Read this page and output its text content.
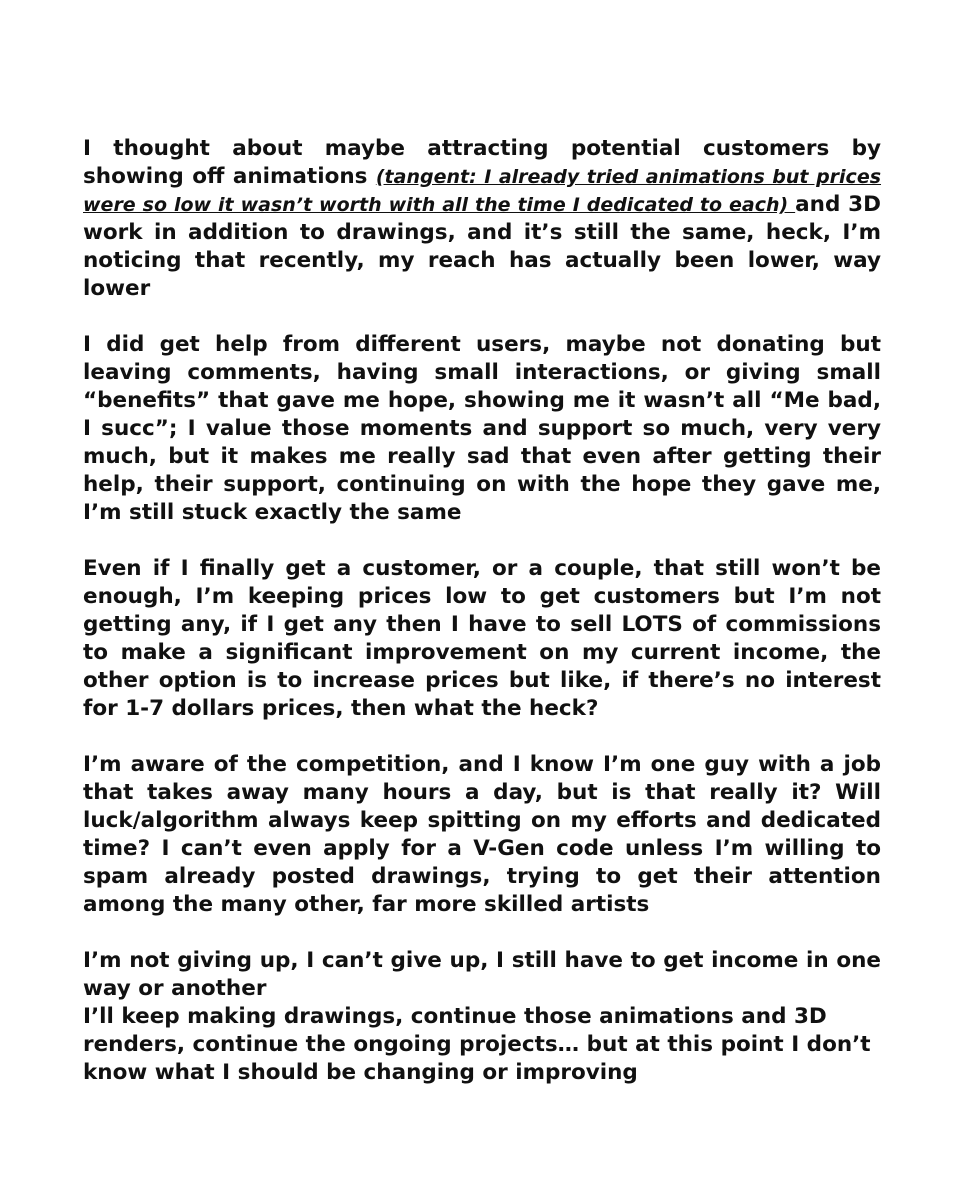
I thought about maybe attracting potential customers by showing off animations (tangent: I already tried animations but prices were so low it wasn’t worth with all the time I dedicated to each) and 3D work in addition to drawings, and it’s still the same, heck, I’m noticing that recently, my reach has actually been lower, way lower

I did get help from different users, maybe not donating but leaving comments, having small interactions, or giving small “benefits” that gave me hope, showing me it wasn’t all “Me bad, I succ”; I value those moments and support so much, very very much, but it makes me really sad that even after getting their help, their support, continuing on with the hope they gave me, I’m still stuck exactly the same

Even if I finally get a customer, or a couple, that still won’t be enough, I’m keeping prices low to get customers but I’m not getting any, if I get any then I have to sell LOTS of commissions to make a significant improvement on my current income, the other option is to increase prices but like, if there’s no interest for 1-7 dollars prices, then what the heck?

I’m aware of the competition, and I know I’m one guy with a job that takes away many hours a day, but is that really it? Will luck/algorithm always keep spitting on my efforts and dedicated time? I can’t even apply for a V-Gen code unless I’m willing to spam already posted drawings, trying to get their attention among the many other, far more skilled artists

I’m not giving up, I can’t give up, I still have to get income in one way or another

I’ll keep making drawings, continue those animations and 3D renders, continue the ongoing projects… but at this point I don’t know what I should be changing or improving
